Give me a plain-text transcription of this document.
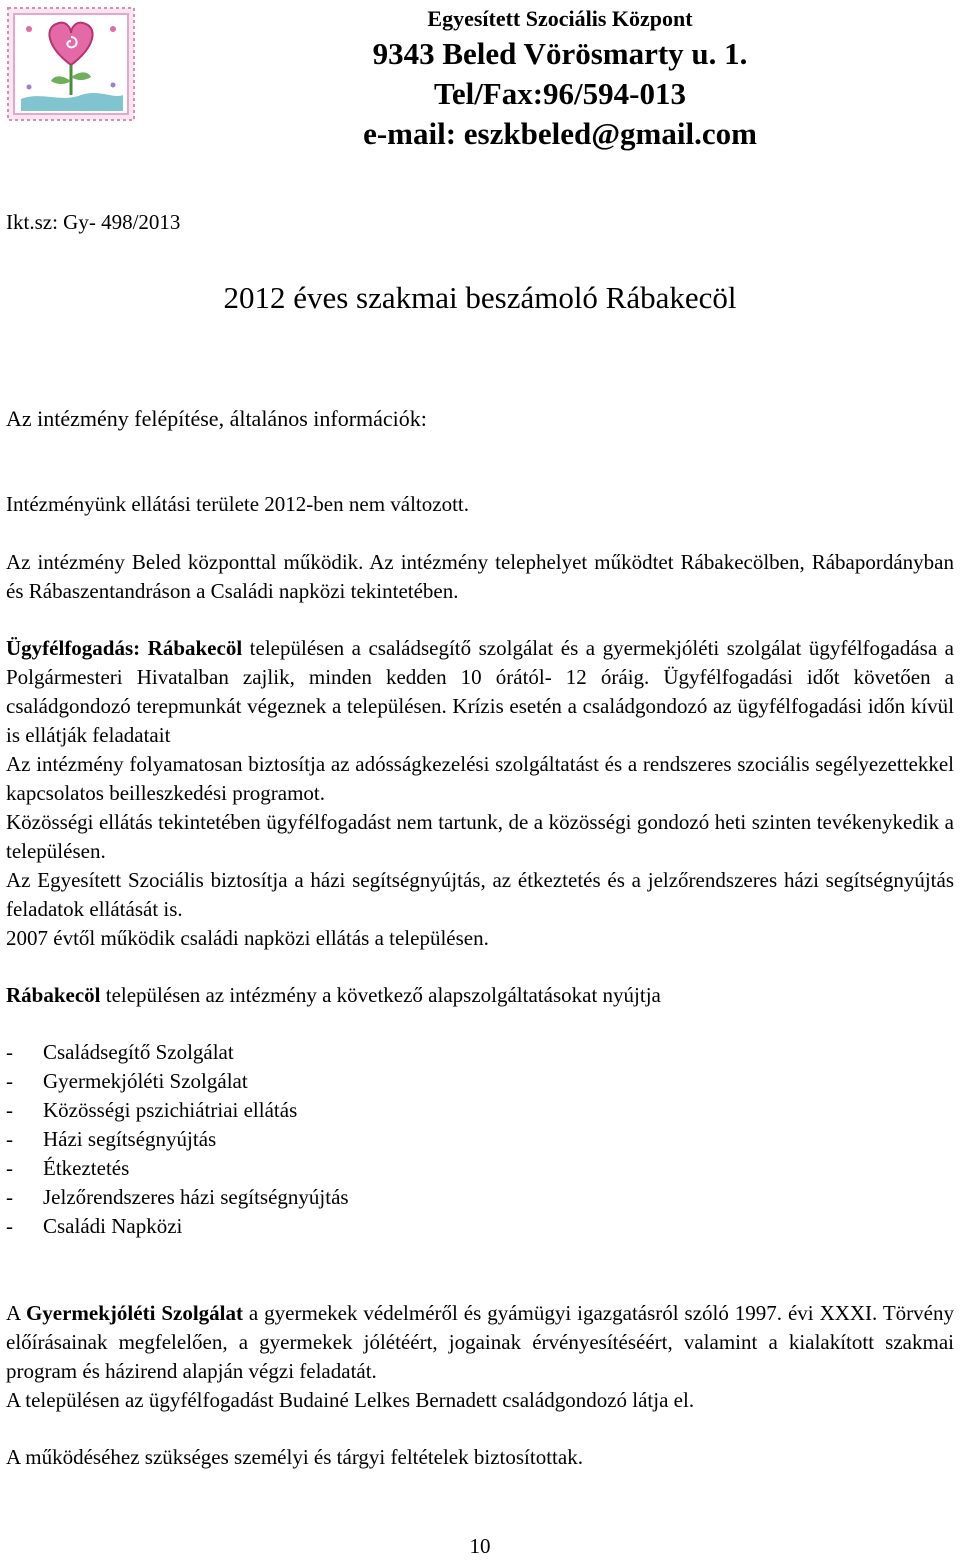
Egyesített Szociális Központ
9343 Beled Vörösmarty u. 1.
Tel/Fax:96/594-013
e-mail: eszkbeled@gmail.com
Ikt.sz: Gy- 498/2013
2012 éves szakmai beszámoló Rábakecöl
Az intézmény felépítése, általános információk:

Intézményünk ellátási területe 2012-ben nem változott.

Az intézmény Beled központtal működik. Az intézmény telephelyet működtet Rábakecölben, Rábapordányban és Rábaszentandráson a Családi napközi tekintetében.

Ügyfélfogadás: Rábakecöl településen a családsegítő szolgálat és a gyermekjóléti szolgálat ügyfélfogadása a Polgármesteri Hivatalban zajlik, minden kedden 10 órától- 12 óráig. Ügyfélfogadási időt követően a családgondozó terepmunkát végeznek a településen. Krízis esetén a családgondozó az ügyfélfogadási időn kívül is ellátják feladatait

Az intézmény folyamatosan biztosítja az adósságkezelési szolgáltatást és a rendszeres szociális segélyezettekkel kapcsolatos beilleszkedési programot.

Közösségi ellátás tekintetében ügyfélfogadást nem tartunk, de a közösségi gondozó heti szinten tevékenykedik a településen.

Az Egyesített Szociális biztosítja a házi segítségnyújtás, az étkeztetés és a jelzőrendszeres házi segítségnyújtás feladatok ellátását is.

2007 évtől működik családi napközi ellátás a településen.

Rábakecöl településen az intézmény a következő alapszolgáltatásokat nyújtja

-	Családsegítő Szolgálat
-	Gyermekjóléti Szolgálat
-	Közösségi pszichiátriai ellátás
-	Házi segítségnyújtás
-	Étkeztetés
-	Jelzőrendszeres házi segítségnyújtás
-	Családi Napközi

A Gyermekjóléti Szolgálat a gyermekek védelméről és gyámügyi igazgatásról szóló 1997. évi XXXI. Törvény előírásainak megfelelően, a gyermekek jólétéért, jogainak érvényesítéséért, valamint a kialakított szakmai program és házirend alapján végzi feladatát.

A településen az ügyfélfogadást Budainé Lelkes Bernadett családgondozó látja el.

A működéséhez szükséges személyi és tárgyi feltételek biztosítottak.

10
